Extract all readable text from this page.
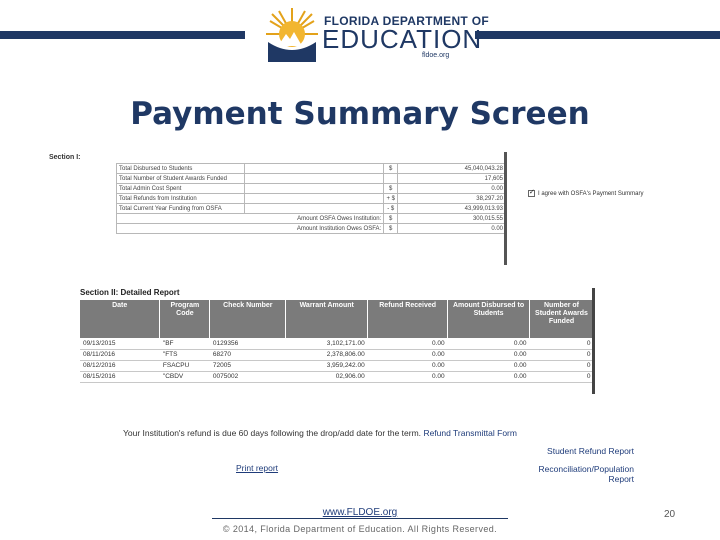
FLORIDA DEPARTMENT OF
EDUCATION
fldoe.org
Payment Summary Screen
Section I:
Total Disbursed to Students		$	45,040,043.28
Total Number of Student Awards Funded			17,605
Total Admin Cost Spent		$	0.00
Total Refunds from Institution		+ $	38,297.20
Total Current Year Funding from OSFA		- $	43,999,013.93
Amount OSFA Owes Institution:		$	300,015.55
Amount Institution Owes OSFA:		$	0.00
✓
I agree with OSFA's Payment Summary
Section II: Detailed Report
Date	Program Code	Check Number	Warrant Amount	Refund Received	Amount Disbursed to Students	Number of Student Awards Funded
09/13/2015	"BF	0129356	3,102,171.00	0.00	0.00	0
08/11/2016	"FTS	68270	2,378,806.00	0.00	0.00	0
08/12/2016	FSACPU	72005	3,959,242.00	0.00	0.00	0
08/15/2016	"CBDV	0075002	02,906.00	0.00	0.00	0
Your Institution's refund is due 60 days following the drop/add date for the term. Refund Transmittal Form
Student Refund Report
Reconciliation/Population
Report
Print report
www.FLDOE.org
© 2014, Florida Department of Education. All Rights Reserved.
20
